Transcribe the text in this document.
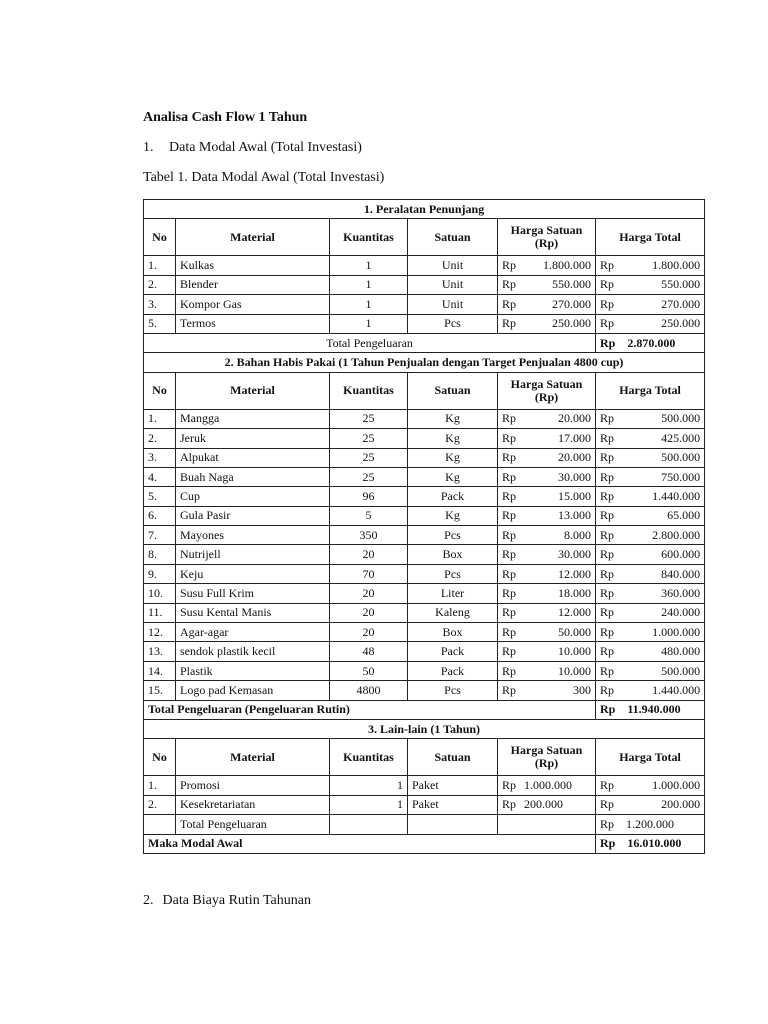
Analisa Cash Flow 1 Tahun
1. Data Modal Awal (Total Investasi)
Tabel 1. Data Modal Awal (Total Investasi)
1. Peralatan Penunjang					
No	Material	Kuantitas	Satuan	Harga Satuan (Rp)	Harga Total
1.	Kulkas	1	Unit	Rp 1.800.000	Rp 1.800.000

2.	Blender	1	Unit	Rp 550.000	Rp 550.000

3.	Kompor Gas	1	Unit	Rp 270.000	Rp 270.000

5.	Termos	1	Pcs	Rp 250.000	Rp 250.000

Total Pengeluaran					Rp 2.870.000

2. Bahan Habis Pakai (1 Tahun Penjualan dengan Target Penjualan 4800 cup)					
No	Material	Kuantitas	Satuan	Harga Satuan (Rp)	Harga Total
1.	Mangga	25	Kg	Rp 20.000	Rp 500.000

2.	Jeruk	25	Kg	Rp 17.000	Rp 425.000

3.	Alpukat	25	Kg	Rp 20.000	Rp 500.000

4.	Buah Naga	25	Kg	Rp 30.000	Rp 750.000

5.	Cup	96	Pack	Rp 15.000	Rp 1.440.000

6.	Gula Pasir	5	Kg	Rp 13.000	Rp 65.000

7.	Mayones	350	Pcs	Rp 8.000	Rp 2.800.000

8.	Nutrijell	20	Box	Rp 30.000	Rp 600.000

9.	Keju	70	Pcs	Rp 12.000	Rp 840.000

10.	Susu Full Krim	20	Liter	Rp 18.000	Rp 360.000

11.	Susu Kental Manis	20	Kaleng	Rp 12.000	Rp 240.000

12.	Agar-agar	20	Box	Rp 50.000	Rp 1.000.000

13.	sendok plastik kecil	48	Pack	Rp 10.000	Rp 480.000

14.	Plastik	50	Pack	Rp 10.000	Rp 500.000

15.	Logo pad Kemasan	4800	Pcs	Rp 300	Rp 1.440.000

Total Pengeluaran (Pengeluaran Rutin)					Rp 11.940.000

3. Lain-lain (1 Tahun)					
No	Material	Kuantitas	Satuan	Harga Satuan (Rp)	Harga Total
1.	Promosi	1	Paket	Rp 1.000.000	Rp 1.000.000

2.	Kesekretariatan	1	Paket	Rp 200.000	Rp 200.000

	Total Pengeluaran				Rp 1.200.000

Maka Modal Awal					Rp 16.010.000
2. Data Biaya Rutin Tahunan
